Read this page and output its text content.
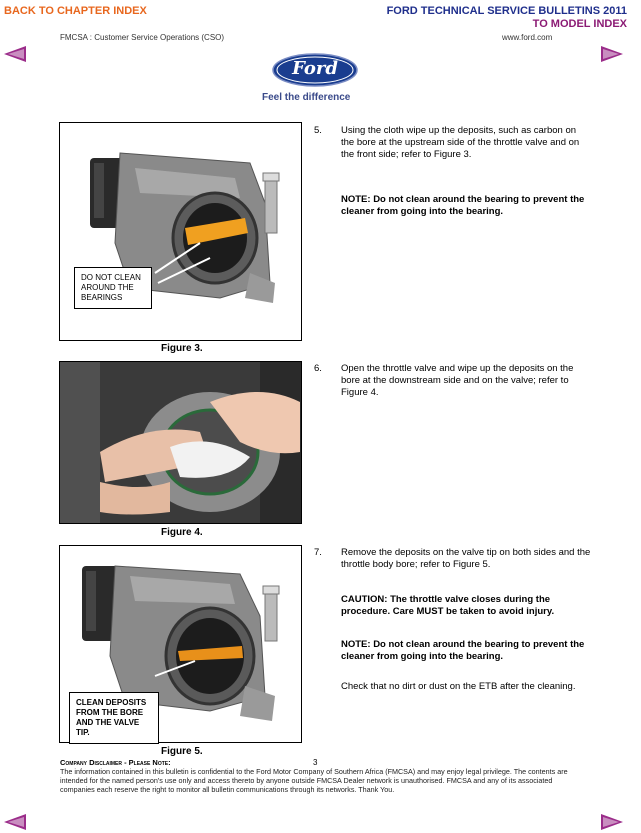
BACK TO CHAPTER INDEX	FORD TECHNICAL SERVICE BULLETINS 2011
TO MODEL INDEX
FMCSA : Customer Service Operations (CSO)	www.ford.com
Ford
Feel the difference
DO NOT CLEAN AROUND THE BEARINGS
Figure 3.
5. Using the cloth wipe up the deposits, such as carbon on the bore at the upstream side of the throttle valve and on the front side; refer to Figure 3.
NOTE: Do not clean around the bearing to prevent the cleaner from going into the bearing.
Figure 4.
6. Open the throttle valve and wipe up the deposits on the bore at the downstream side and on the valve; refer to Figure 4.
CLEAN DEPOSITS FROM THE BORE AND THE VALVE TIP.
Figure 5.
7. Remove the deposits on the valve tip on both sides and the throttle body bore; refer to Figure 5.
CAUTION: The throttle valve closes during the procedure. Care MUST be taken to avoid injury.
NOTE: Do not clean around the bearing to prevent the cleaner from going into the bearing.
Check that no dirt or dust on the ETB after the cleaning.
Company Disclaimer - Please Note:	3
The information contained in this bulletin is confidential to the Ford Motor Company of Southern Africa (FMCSA) and may enjoy legal privilege. The contents are intended for the named person's use only and access thereto by anyone outside FMCSA Dealer network is unauthorised. FMCSA and any of its associated companies each reserve the right to monitor all bulletin communications through its networks. Thank You.
